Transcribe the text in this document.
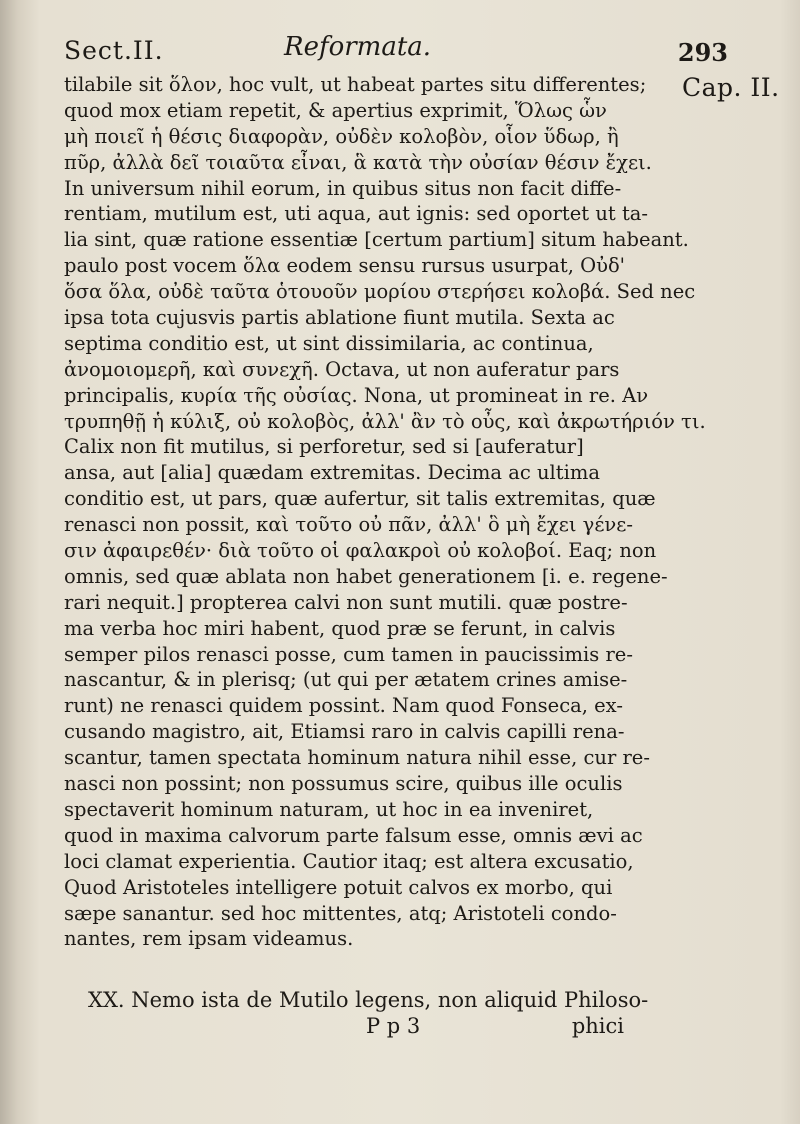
Sect.II.	Reformata.	293
Cap. II.
tilabile sit ὅλον, hoc vult, ut habeat partes situ differentes;
quod mox etiam repetit, & apertius exprimit, Ὅλως ὧν
μὴ ποιεῖ ἡ θέσις διαφορὰν, οὐδὲν κολοβὸν, οἷον ὕδωρ, ἢ
πῦρ, ἀλλὰ δεῖ τοιαῦτα εἶναι, ἃ κατὰ τὴν οὐσίαν θέσιν ἔχει.
In universum nihil eorum, in quibus situs non facit diffe-
rentiam, mutilum est, uti aqua, aut ignis: sed oportet ut ta-
lia sint, quæ ratione essentiæ [certum partium] situm habeant.
paulo post vocem ὅλα eodem sensu rursus usurpat, Οὐδ'
ὅσα ὅλα, οὐδὲ ταῦτα ὁτουοῦν μορίου στερήσει κολοβά. Sed nec
ipsa tota cujusvis partis ablatione fiunt mutila. Sexta ac
septima conditio est, ut sint dissimilaria, ac continua,
ἀνομοιομερῆ, καὶ συνεχῆ. Octava, ut non auferatur pars
principalis, κυρία τῆς οὐσίας. Nona, ut promineat in re. Αν
τρυπηθῇ ἡ κύλιξ, οὐ κολοβὸς, ἀλλ' ἂν τὸ οὖς, καὶ ἀκρωτήριόν τι.
Calix non fit mutilus, si perforetur, sed si [auferatur]
ansa, aut [alia] quædam extremitas. Decima ac ultima
conditio est, ut pars, quæ aufertur, sit talis extremitas, quæ
renasci non possit, καὶ τοῦτο οὐ πᾶν, ἀλλ' ὃ μὴ ἔχει γένε-
σιν ἀφαιρεθέν· διὰ τοῦτο οἱ φαλακροὶ οὐ κολοβοί. Eaq; non
omnis, sed quæ ablata non habet generationem [i. e. regene-
rari nequit.] propterea calvi non sunt mutili. quæ postre-
ma verba hoc miri habent, quod præ se ferunt, in calvis
semper pilos renasci posse, cum tamen in paucissimis re-
nascantur, & in plerisq; (ut qui per ætatem crines amise-
runt) ne renasci quidem possint. Nam quod Fonseca, ex-
cusando magistro, ait, Etiamsi raro in calvis capilli rena-
scantur, tamen spectata hominum natura nihil esse, cur re-
nasci non possint; non possumus scire, quibus ille oculis
spectaverit hominum naturam, ut hoc in ea inveniret,
quod in maxima calvorum parte falsum esse, omnis ævi ac
loci clamat experientia. Cautior itaq; est altera excusatio,
Quod Aristoteles intelligere potuit calvos ex morbo, qui
sæpe sanantur. sed hoc mittentes, atq; Aristoteli condo-
nantes, rem ipsam videamus.
XX. Nemo ista de Mutilo legens, non aliquid Philoso-
P p 3	phici
